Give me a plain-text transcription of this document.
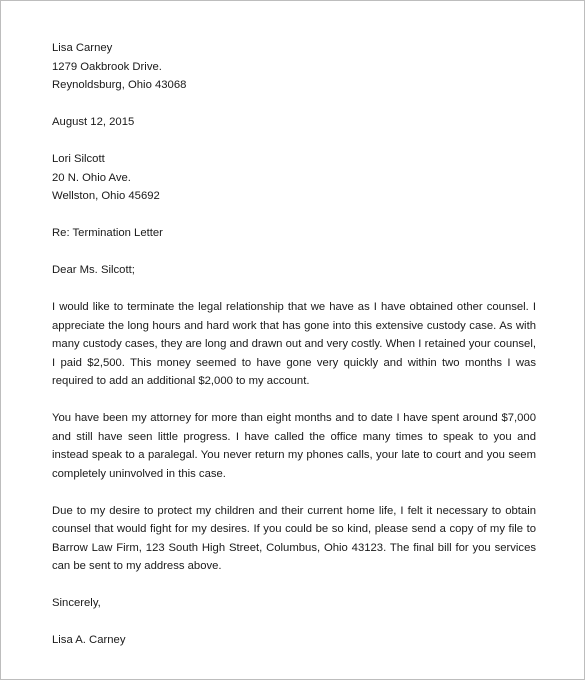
Lisa Carney
1279 Oakbrook Drive.
Reynoldsburg, Ohio 43068
August 12, 2015
Lori Silcott
20 N. Ohio Ave.
Wellston, Ohio 45692
Re: Termination Letter
Dear Ms. Silcott;

I would like to terminate the legal relationship that we have as I have obtained other counsel. I appreciate the long hours and hard work that has gone into this extensive custody case. As with many custody cases, they are long and drawn out and very costly. When I retained your counsel, I paid $2,500. This money seemed to have gone very quickly and within two months I was required to add an additional $2,000 to my account.

You have been my attorney for more than eight months and to date I have spent around $7,000 and still have seen little progress. I have called the office many times to speak to you and instead speak to a paralegal. You never return my phones calls, your late to court and you seem completely uninvolved in this case.

Due to my desire to protect my children and their current home life, I felt it necessary to obtain counsel that would fight for my desires. If you could be so kind, please send a copy of my file to Barrow Law Firm, 123 South High Street, Columbus, Ohio 43123. The final bill for you services can be sent to my address above.

Sincerely,
Lisa A. Carney
